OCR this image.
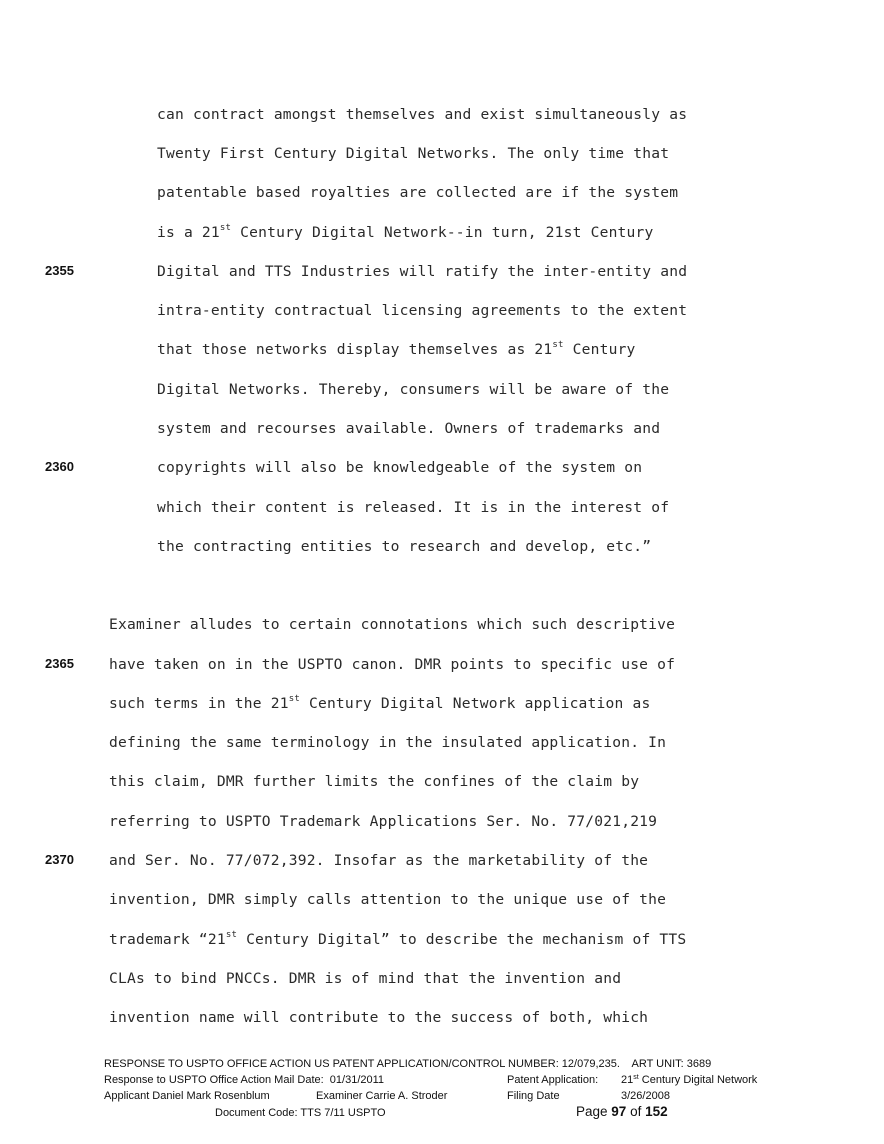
can contract amongst themselves and exist simultaneously as
Twenty First Century Digital Networks. The only time that
patentable based royalties are collected are if the system
is a 21st Century Digital Network--in turn, 21st Century
Digital and TTS Industries will ratify the inter-entity and
intra-entity contractual licensing agreements to the extent
that those networks display themselves as 21st Century
Digital Networks. Thereby, consumers will be aware of the
system and recourses available. Owners of trademarks and
copyrights will also be knowledgeable of the system on
which their content is released. It is in the interest of
the contracting entities to research and develop, etc.”
Examiner alludes to certain connotations which such descriptive
have taken on in the USPTO canon. DMR points to specific use of
such terms in the 21st Century Digital Network application as
defining the same terminology in the insulated application. In
this claim, DMR further limits the confines of the claim by
referring to USPTO Trademark Applications Ser. No. 77/021,219
and Ser. No. 77/072,392. Insofar as the marketability of the
invention, DMR simply calls attention to the unique use of the
trademark “21st Century Digital” to describe the mechanism of TTS
CLAs to bind PNCCs. DMR is of mind that the invention and
invention name will contribute to the success of both, which
2355
2360
2365
2370
RESPONSE TO USPTO OFFICE ACTION US PATENT APPLICATION/CONTROL NUMBER: 12/079,235.    ART UNIT: 3689
Response to USPTO Office Action Mail Date:  01/31/2011	Patent Application: 21st Century Digital Network
Applicant Daniel Mark Rosenblum	Examiner Carrie A. Stroder	Filing Date	3/26/2008
Document Code: TTS 7/11 USPTO	Page 97 of 152
